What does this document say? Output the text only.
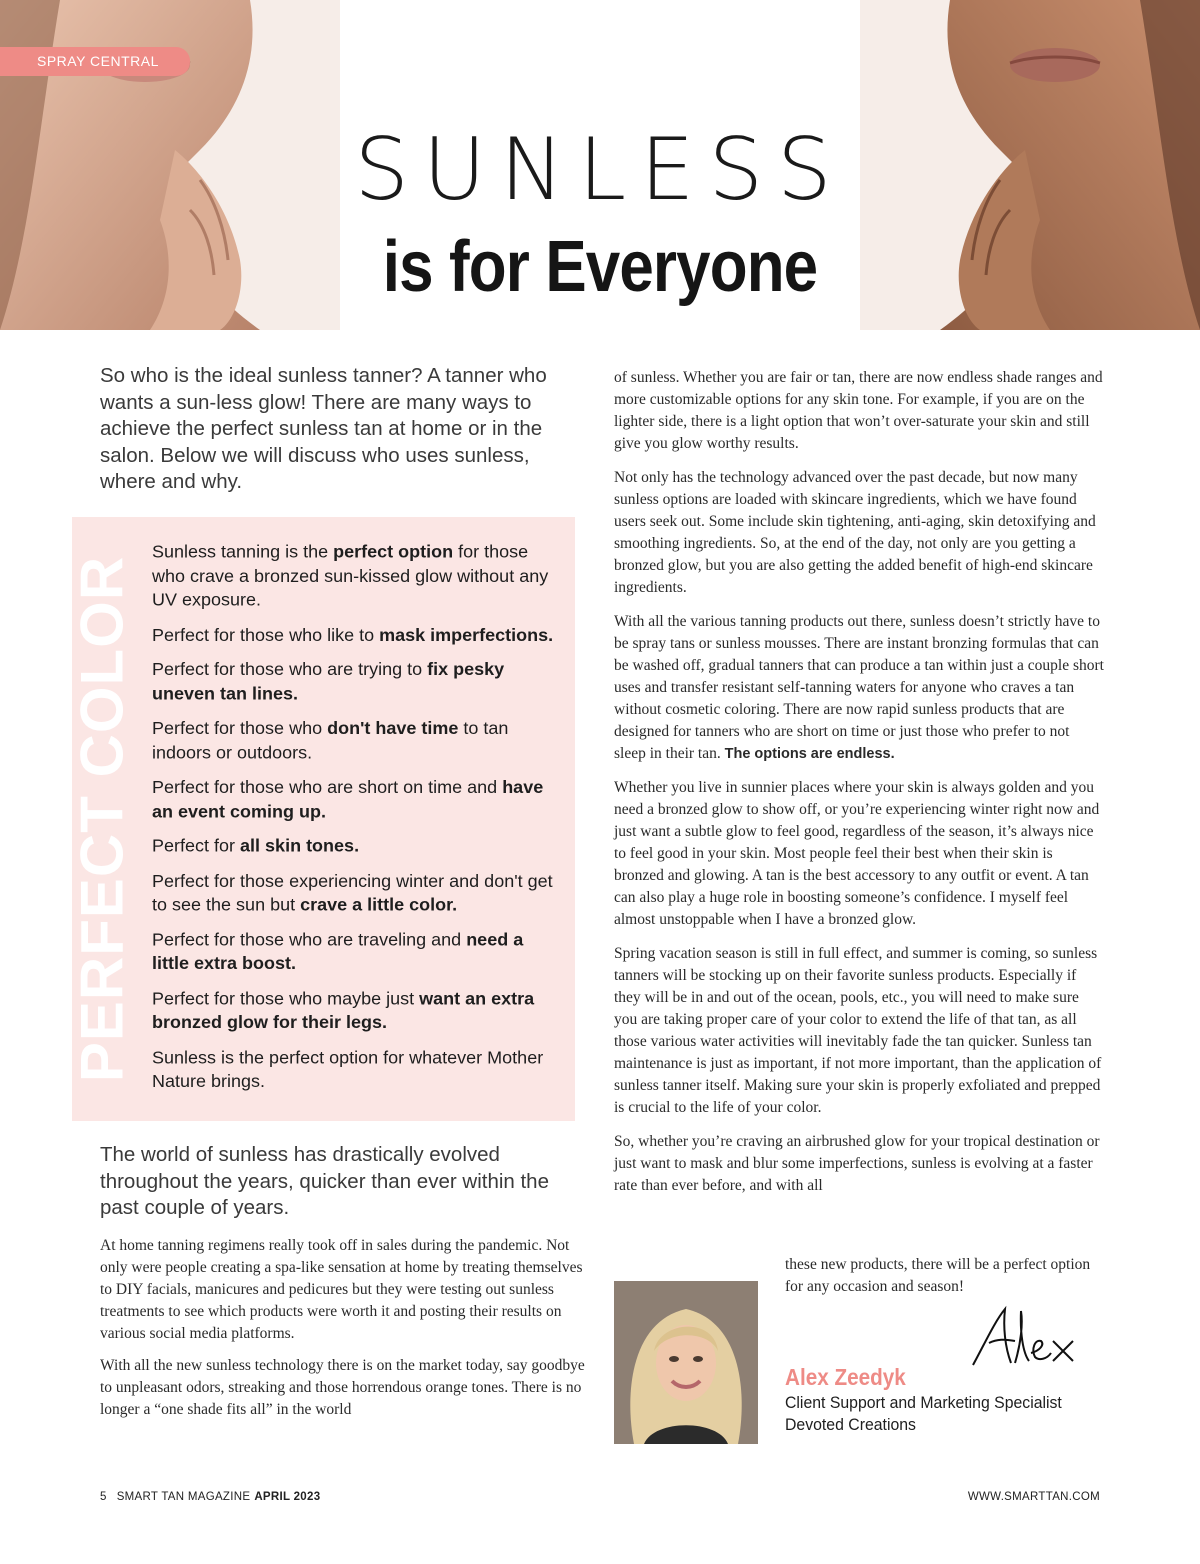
SPRAY CENTRAL
SUNLESS
is for Everyone
So who is the ideal sunless tanner? A tanner who wants a sun-less glow! There are many ways to achieve the perfect sunless tan at home or in the salon. Below we will discuss who uses sunless, where and why.
PERFECT COLOR

Sunless tanning is the perfect option for those who crave a bronzed sun-kissed glow without any UV exposure.

Perfect for those who like to mask imperfections.

Perfect for those who are trying to fix pesky uneven tan lines.

Perfect for those who don't have time to tan indoors or outdoors.

Perfect for those who are short on time and have an event coming up.

Perfect for all skin tones.

Perfect for those experiencing winter and don't get to see the sun but crave a little color.

Perfect for those who are traveling and need a little extra boost.

Perfect for those who maybe just want an extra bronzed glow for their legs.

Sunless is the perfect option for whatever Mother Nature brings.

The world of sunless has drastically evolved throughout the years, quicker than ever within the past couple of years.

At home tanning regimens really took off in sales during the pandemic. Not only were people creating a spa-like sensation at home by treating themselves to DIY facials, manicures and pedicures but they were testing out sunless treatments to see which products were worth it and posting their results on various social media platforms.

With all the new sunless technology there is on the market today, say goodbye to unpleasant odors, streaking and those horrendous orange tones. There is no longer a “one shade fits all” in the world

of sunless. Whether you are fair or tan, there are now endless shade ranges and more customizable options for any skin tone. For example, if you are on the lighter side, there is a light option that won’t over-saturate your skin and still give you glow worthy results.

Not only has the technology advanced over the past decade, but now many sunless options are loaded with skincare ingredients, which we have found users seek out. Some include skin tightening, anti-aging, skin detoxifying and smoothing ingredients. So, at the end of the day, not only are you getting a bronzed glow, but you are also getting the added benefit of high-end skincare ingredients.

With all the various tanning products out there, sunless doesn’t strictly have to be spray tans or sunless mousses. There are instant bronzing formulas that can be washed off, gradual tanners that can produce a tan within just a couple short uses and transfer resistant self-tanning waters for anyone who craves a tan without cosmetic coloring. There are now rapid sunless products that are designed for tanners who are short on time or just those who prefer to not sleep in their tan. The options are endless.

Whether you live in sunnier places where your skin is always golden and you need a bronzed glow to show off, or you’re experiencing winter right now and just want a subtle glow to feel good, regardless of the season, it’s always nice to feel good in your skin. Most people feel their best when their skin is bronzed and glowing. A tan is the best accessory to any outfit or event. A tan can also play a huge role in boosting someone’s confidence. I myself feel almost unstoppable when I have a bronzed glow.

Spring vacation season is still in full effect, and summer is coming, so sunless tanners will be stocking up on their favorite sunless products. Especially if they will be in and out of the ocean, pools, etc., you will need to make sure you are taking proper care of your color to extend the life of that tan, as all those various water activities will inevitably fade the tan quicker. Sunless tan maintenance is just as important, if not more important, than the application of sunless tanner itself. Making sure your skin is properly exfoliated and prepped is crucial to the life of your color.

So, whether you’re craving an airbrushed glow for your tropical destination or just want to mask and blur some imperfections, sunless is evolving at a faster rate than ever before, and with all

these new products, there will be a perfect option for any occasion and season!
Alex Zeedyk
Client Support and Marketing Specialist
Devoted Creations
5 SMART TAN MAGAZINE APRIL 2023	WWW.SMARTTAN.COM
